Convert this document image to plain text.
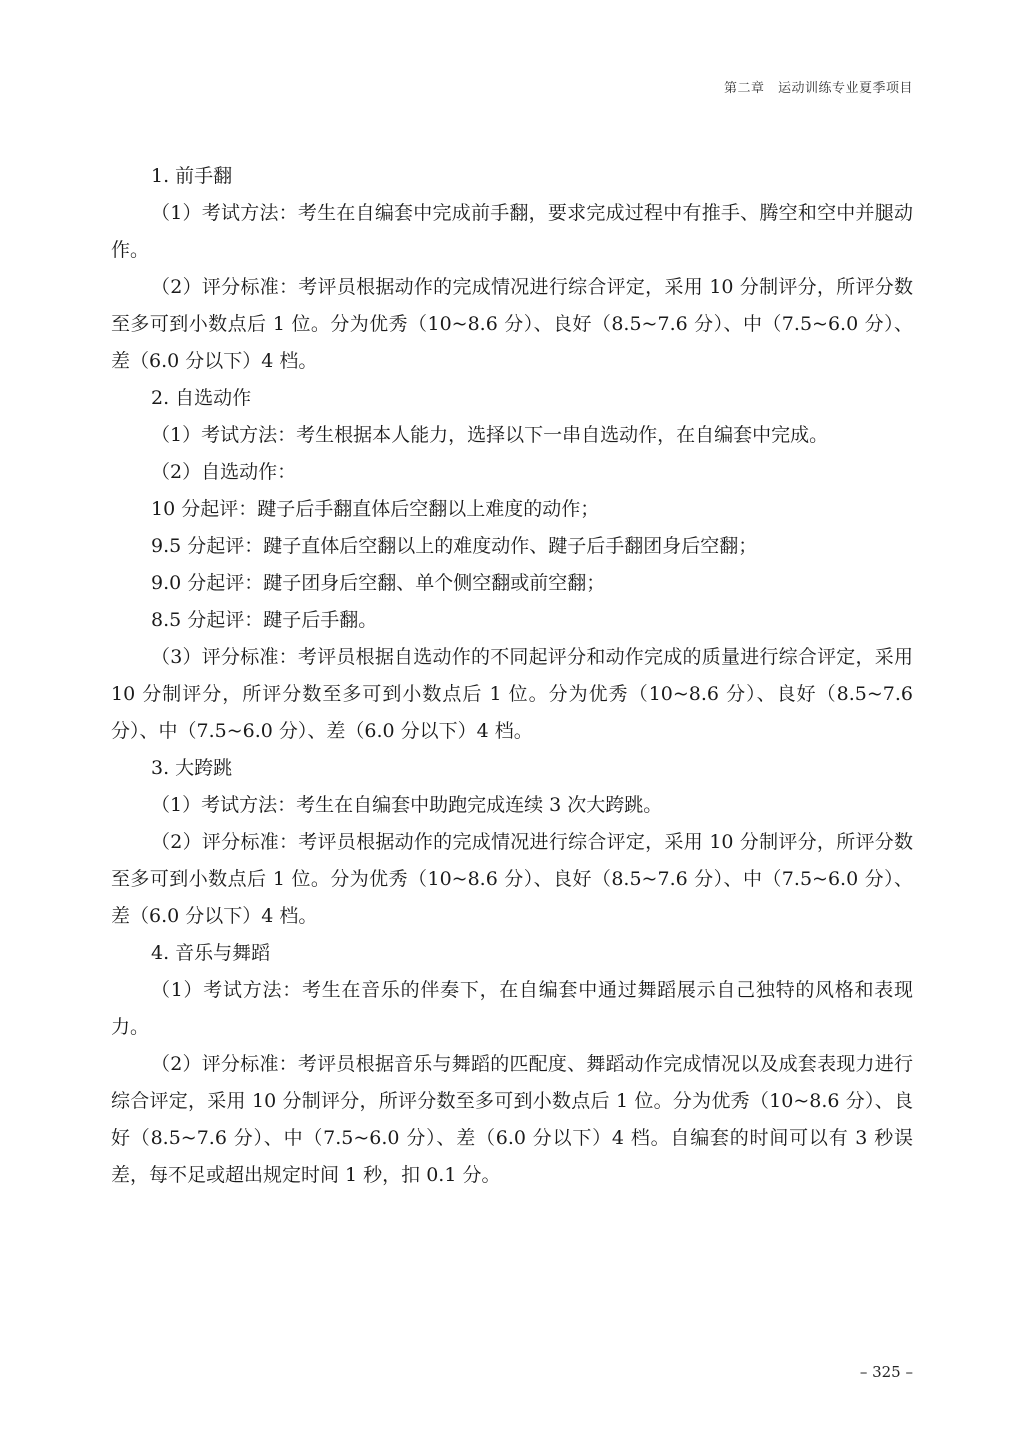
第二章　运动训练专业夏季项目

1. 前手翻

（1）考试方法：考生在自编套中完成前手翻，要求完成过程中有推手、腾空和空中并腿动作。

（2）评分标准：考评员根据动作的完成情况进行综合评定，采用 10 分制评分，所评分数至多可到小数点后 1 位。分为优秀（10~8.6 分）、良好（8.5~7.6 分）、中（7.5~6.0 分）、差（6.0 分以下）4 档。

2. 自选动作

（1）考试方法：考生根据本人能力，选择以下一串自选动作，在自编套中完成。

（2）自选动作：

10 分起评：踺子后手翻直体后空翻以上难度的动作；

9.5 分起评：踺子直体后空翻以上的难度动作、踺子后手翻团身后空翻；

9.0 分起评：踺子团身后空翻、单个侧空翻或前空翻；

8.5 分起评：踺子后手翻。

（3）评分标准：考评员根据自选动作的不同起评分和动作完成的质量进行综合评定，采用 10 分制评分，所评分数至多可到小数点后 1 位。分为优秀（10~8.6 分）、良好（8.5~7.6 分）、中（7.5~6.0 分）、差（6.0 分以下）4 档。

3. 大跨跳

（1）考试方法：考生在自编套中助跑完成连续 3 次大跨跳。

（2）评分标准：考评员根据动作的完成情况进行综合评定，采用 10 分制评分，所评分数至多可到小数点后 1 位。分为优秀（10~8.6 分）、良好（8.5~7.6 分）、中（7.5~6.0 分）、差（6.0 分以下）4 档。

4. 音乐与舞蹈

（1）考试方法：考生在音乐的伴奏下，在自编套中通过舞蹈展示自己独特的风格和表现力。

（2）评分标准：考评员根据音乐与舞蹈的匹配度、舞蹈动作完成情况以及成套表现力进行综合评定，采用 10 分制评分，所评分数至多可到小数点后 1 位。分为优秀（10~8.6 分）、良好（8.5~7.6 分）、中（7.5~6.0 分）、差（6.0 分以下）4 档。自编套的时间可以有 3 秒误差，每不足或超出规定时间 1 秒，扣 0.1 分。

– 325 –
